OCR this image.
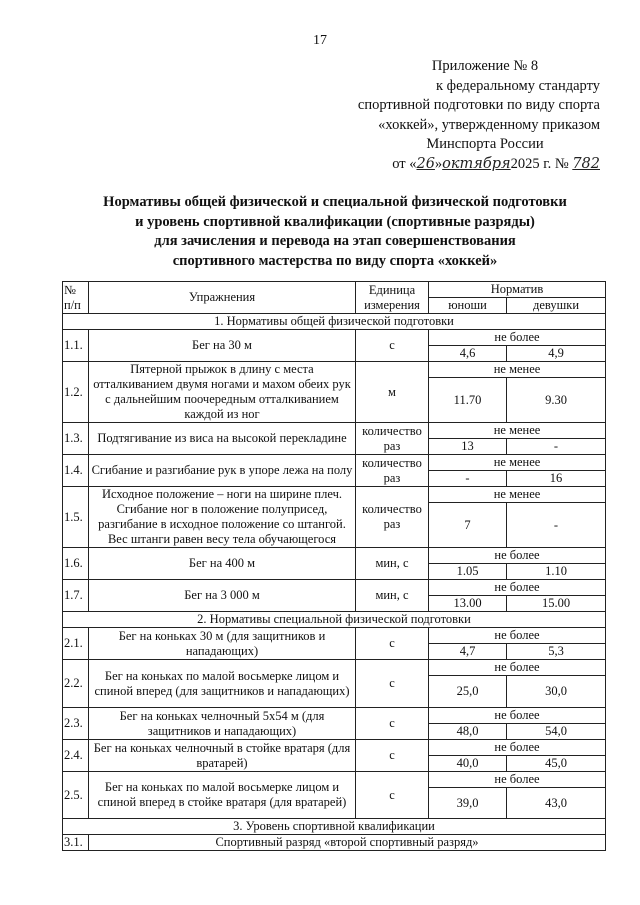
17
Приложение № 8
к федеральному стандарту
спортивной подготовки по виду спорта
«хоккей», утвержденному приказом
Минспорта России
от «26»октября2025 г. № 782
Нормативы общей физической и специальной физической подготовки
и уровень спортивной квалификации (спортивные разряды)
для зачисления и перевода на этап совершенствования
спортивного мастерства по виду спорта «хоккей»
№ п/п	Упражнения	Единица измерения	Норматив	
			юноши	девушки
1. Нормативы общей физической подготовки				
1.1.	Бег на 30 м	с	не более	
			4,6	4,9
1.2.	Пятерной прыжок в длину с места отталкиванием двумя ногами и махом обеих рук с дальнейшим поочередным отталкиванием каждой из ног	м	не менее	
			11.70	9.30
1.3.	Подтягивание из виса на высокой перекладине	количество раз	не менее	
			13	-
1.4.	Сгибание и разгибание рук в упоре лежа на полу	количество раз	не менее	
			-	16
1.5.	Исходное положение – ноги на ширине плеч. Сгибание ног в положение полуприсед, разгибание в исходное положение со штангой. Вес штанги равен весу тела обучающегося	количество раз	не менее	
			7	-
1.6.	Бег на 400 м	мин, с	не более	
			1.05	1.10
1.7.	Бег на 3 000 м	мин, с	не более	
			13.00	15.00
2. Нормативы специальной физической подготовки				
2.1.	Бег на коньках 30 м (для защитников и нападающих)	с	не более	
			4,7	5,3
2.2.	Бег на коньках по малой восьмерке лицом и спиной вперед (для защитников и нападающих)	с	не более	
			25,0	30,0
2.3.	Бег на коньках челночный 5x54 м (для защитников и нападающих)	с	не более	
			48,0	54,0
2.4.	Бег на коньках челночный в стойке вратаря (для вратарей)	с	не более	
			40,0	45,0
2.5.	Бег на коньках по малой восьмерке лицом и спиной вперед в стойке вратаря (для вратарей)	с	не более	
			39,0	43,0
3. Уровень спортивной квалификации				
3.1.	Спортивный разряд «второй спортивный разряд»			
